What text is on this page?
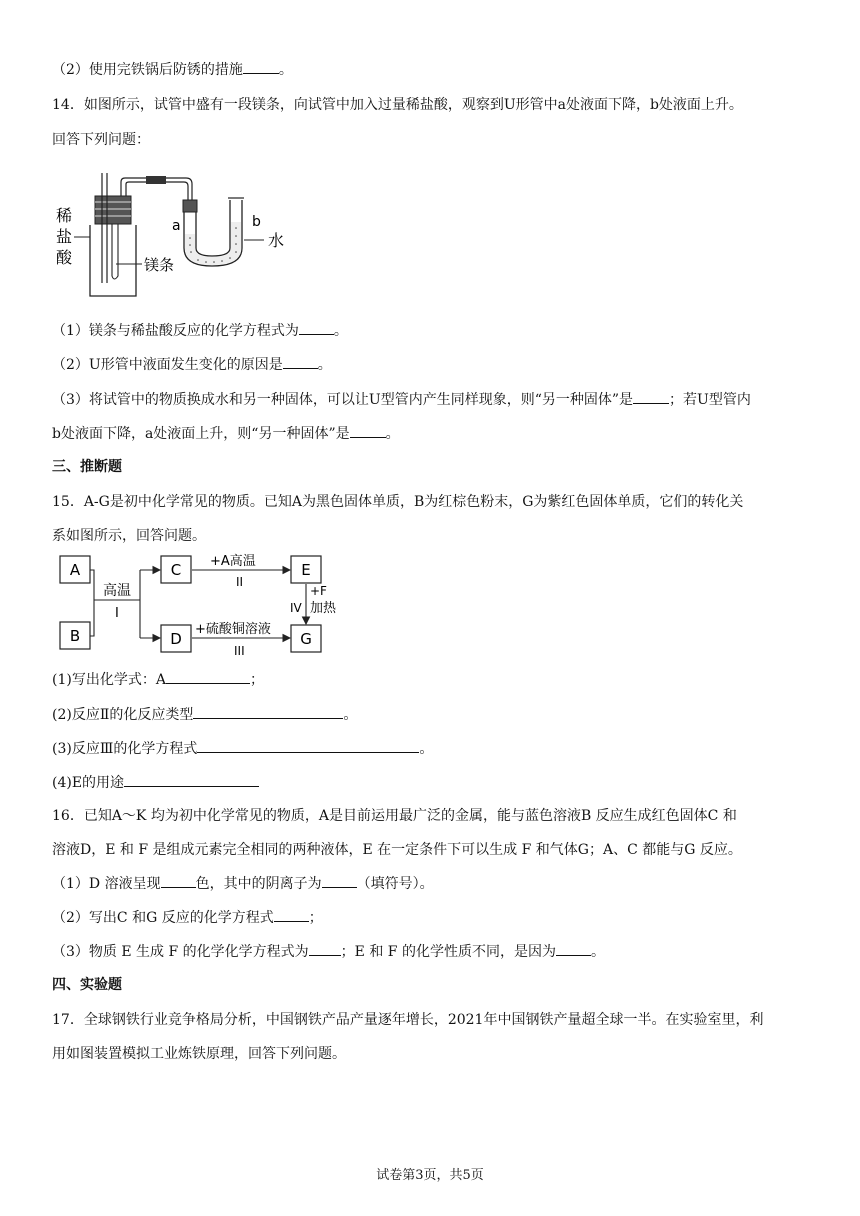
（2）使用完铁锅后防锈的措施	。
14．如图所示，试管中盛有一段镁条，向试管中加入过量稀盐酸，观察到U形管中a处液面下降，b处液面上升。
回答下列问题：
稀
盐
酸	镁条
a	b
水
（1）镁条与稀盐酸反应的化学方程式为	。
（2）U形管中液面发生变化的原因是	。
（3）将试管中的物质换成水和另一种固体，可以让U型管内产生同样现象，则“另一种固体”是	；若U型管内
b处液面下降，a处液面上升，则“另一种固体”是	。
三、推断题
15．A-G是初中化学常见的物质。已知A为黑色固体单质，B为红棕色粉末，G为紫红色固体单质，它们的转化关
系如图所示，回答问题。
A
B
C
D
E
G
高温
I
+A高温
II
+硫酸铜溶液
III
+F
加热
IV
(1)写出化学式：A	；
(2)反应Ⅱ的化反应类型	。
(3)反应Ⅲ的化学方程式	。
(4)E的用途
16．已知A～K 均为初中化学常见的物质，A是目前运用最广泛的金属，能与蓝色溶液B 反应生成红色固体C 和
溶液D，E 和 F 是组成元素完全相同的两种液体，E 在一定条件下可以生成 F 和气体G；A、C 都能与G 反应。
（1）D 溶液呈现	色，其中的阴离子为	（填符号）。
（2）写出C 和G 反应的化学方程式	；
（3）物质 E 生成 F 的化学化学方程式为 ；E 和 F 的化学性质不同，是因为	。
四、实验题
17．全球钢铁行业竞争格局分析，中国钢铁产品产量逐年增长，2021年中国钢铁产量超全球一半。在实验室里，利
用如图装置模拟工业炼铁原理，回答下列问题。
试卷第3页，共5页
